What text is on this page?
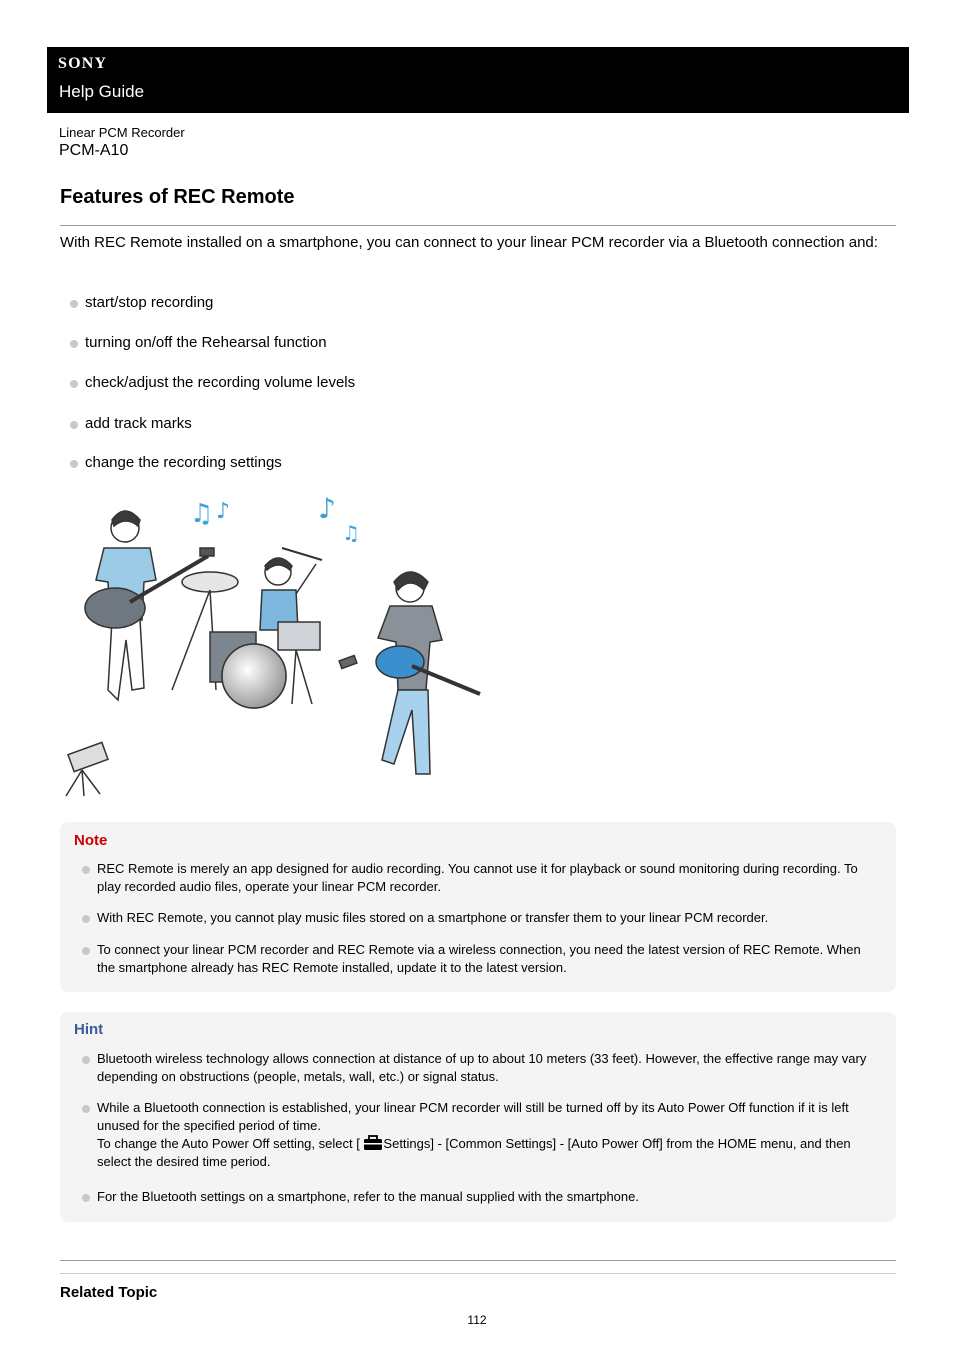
SONY
Help Guide
Linear PCM Recorder
PCM-A10
Features of REC Remote
With REC Remote installed on a smartphone, you can connect to your linear PCM recorder via a Bluetooth connection and:
start/stop recording
turning on/off the Rehearsal function
check/adjust the recording volume levels
add track marks
change the recording settings
♫ ♪	♪
♫
Note
REC Remote is merely an app designed for audio recording. You cannot use it for playback or sound monitoring during recording. To play recorded audio files, operate your linear PCM recorder.
With REC Remote, you cannot play music files stored on a smartphone or transfer them to your linear PCM recorder.
To connect your linear PCM recorder and REC Remote via a wireless connection, you need the latest version of REC Remote. When the smartphone already has REC Remote installed, update it to the latest version.
Hint
Bluetooth wireless technology allows connection at distance of up to about 10 meters (33 feet). However, the effective range may vary depending on obstructions (people, metals, wall, etc.) or signal status.
While a Bluetooth connection is established, your linear PCM recorder will still be turned off by its Auto Power Off function if it is left unused for the specified period of time.
To change the Auto Power Off setting, select [ Settings] - [Common Settings] - [Auto Power Off] from the HOME menu, and then select the desired time period.
For the Bluetooth settings on a smartphone, refer to the manual supplied with the smartphone.
Related Topic
112
